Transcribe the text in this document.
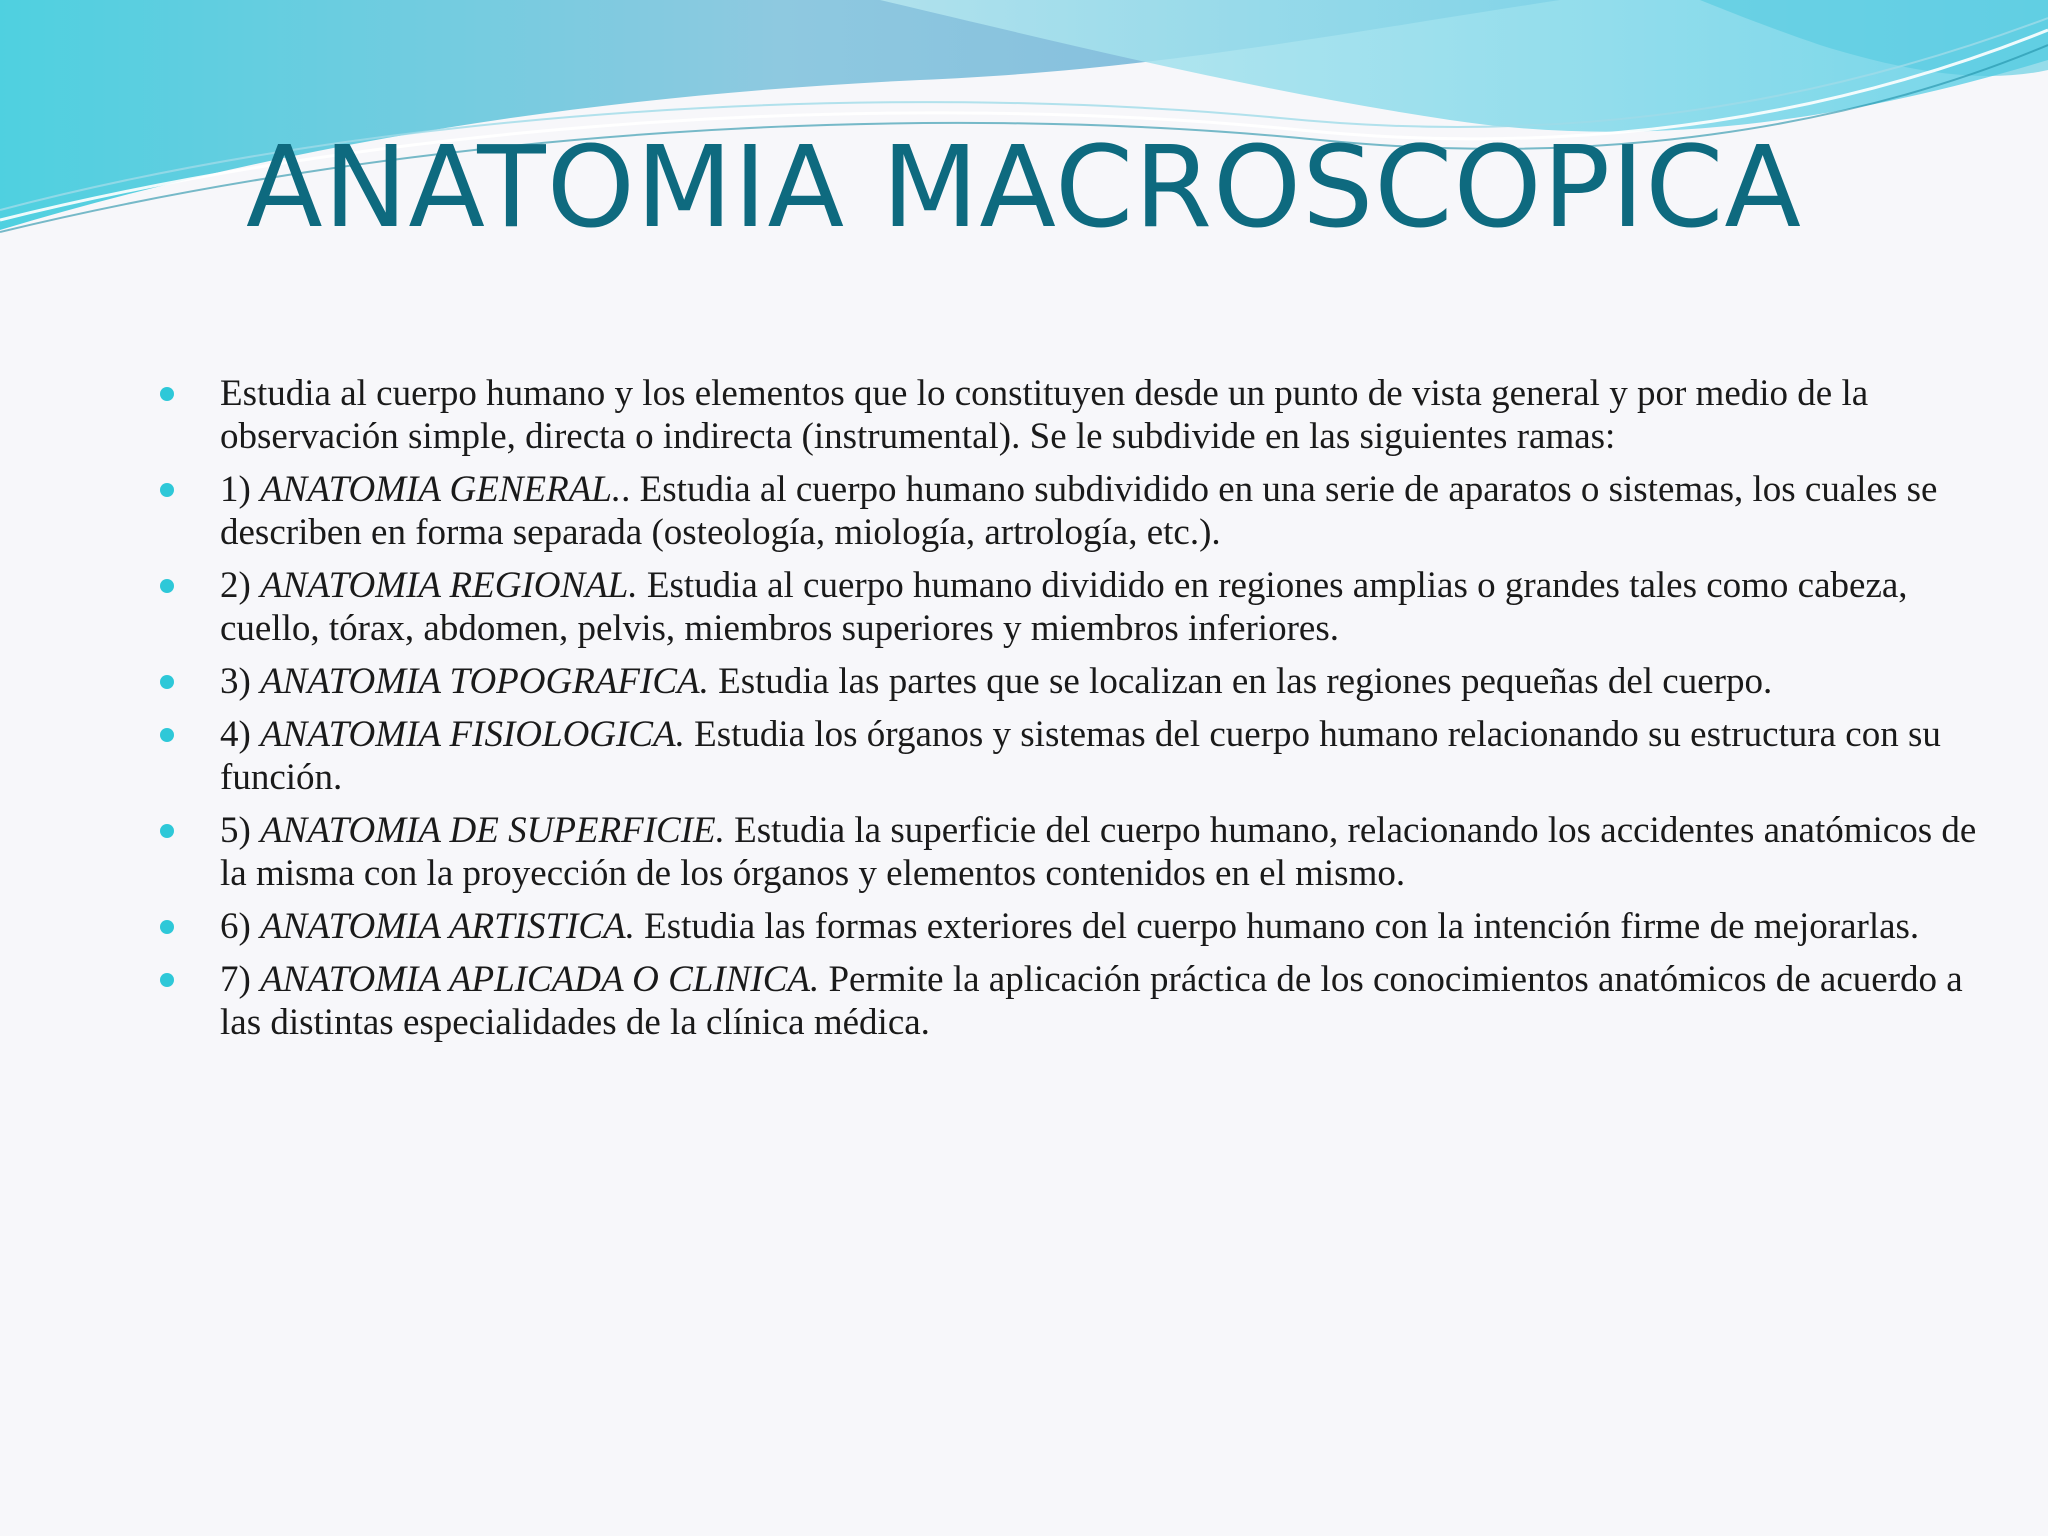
ANATOMIA MACROSCOPICA
Estudia al cuerpo humano y los elementos que lo constituyen desde un punto de vista general y por medio de la observación simple, directa o indirecta (instrumental). Se le subdivide en las siguientes ramas:
1) ANATOMIA GENERAL.. Estudia al cuerpo humano subdividido en una serie de aparatos o sistemas, los cuales se describen en forma separada (osteología, miología, artrología, etc.).
2) ANATOMIA REGIONAL. Estudia al cuerpo humano dividido en regiones amplias o grandes tales como cabeza, cuello, tórax, abdomen, pelvis, miembros superiores y miembros inferiores.
3) ANATOMIA TOPOGRAFICA. Estudia las partes que se localizan en las regiones pequeñas del cuerpo.
4) ANATOMIA FISIOLOGICA. Estudia los órganos y sistemas del cuerpo humano relacionando su estructura con su función.
5) ANATOMIA DE SUPERFICIE. Estudia la superficie del cuerpo humano, relacionando los accidentes anatómicos de la misma con la proyección de los órganos y elementos contenidos en el mismo.
6) ANATOMIA ARTISTICA. Estudia las formas exteriores del cuerpo humano con la intención firme de mejorarlas.
7) ANATOMIA APLICADA O CLINICA. Permite la aplicación práctica de los conocimientos anatómicos de acuerdo a las distintas especialidades de la clínica médica.
